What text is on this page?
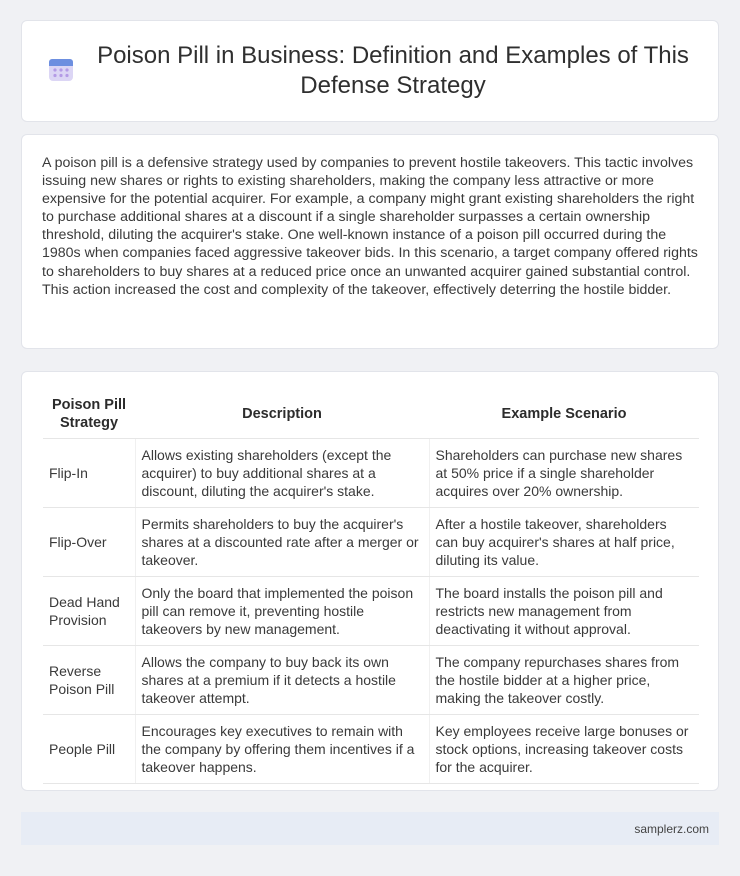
Poison Pill in Business: Definition and Examples of This Defense Strategy

A poison pill is a defensive strategy used by companies to prevent hostile takeovers. This tactic involves issuing new shares or rights to existing shareholders, making the company less attractive or more expensive for the potential acquirer. For example, a company might grant existing shareholders the right to purchase additional shares at a discount if a single shareholder surpasses a certain ownership threshold, diluting the acquirer's stake. One well-known instance of a poison pill occurred during the 1980s when companies faced aggressive takeover bids. In this scenario, a target company offered rights to shareholders to buy shares at a reduced price once an unwanted acquirer gained substantial control. This action increased the cost and complexity of the takeover, effectively deterring the hostile bidder.

Poison Pill Strategy	Description	Example Scenario
Flip-In	Allows existing shareholders (except the acquirer) to buy additional shares at a discount, diluting the acquirer's stake.	Shareholders can purchase new shares at 50% price if a single shareholder acquires over 20% ownership.
Flip-Over	Permits shareholders to buy the acquirer's shares at a discounted rate after a merger or takeover.	After a hostile takeover, shareholders can buy acquirer's shares at half price, diluting its value.
Dead Hand Provision	Only the board that implemented the poison pill can remove it, preventing hostile takeovers by new management.	The board installs the poison pill and restricts new management from deactivating it without approval.
Reverse Poison Pill	Allows the company to buy back its own shares at a premium if it detects a hostile takeover attempt.	The company repurchases shares from the hostile bidder at a higher price, making the takeover costly.
People Pill	Encourages key executives to remain with the company by offering them incentives if a takeover happens.	Key employees receive large bonuses or stock options, increasing takeover costs for the acquirer.
samplerz.com
